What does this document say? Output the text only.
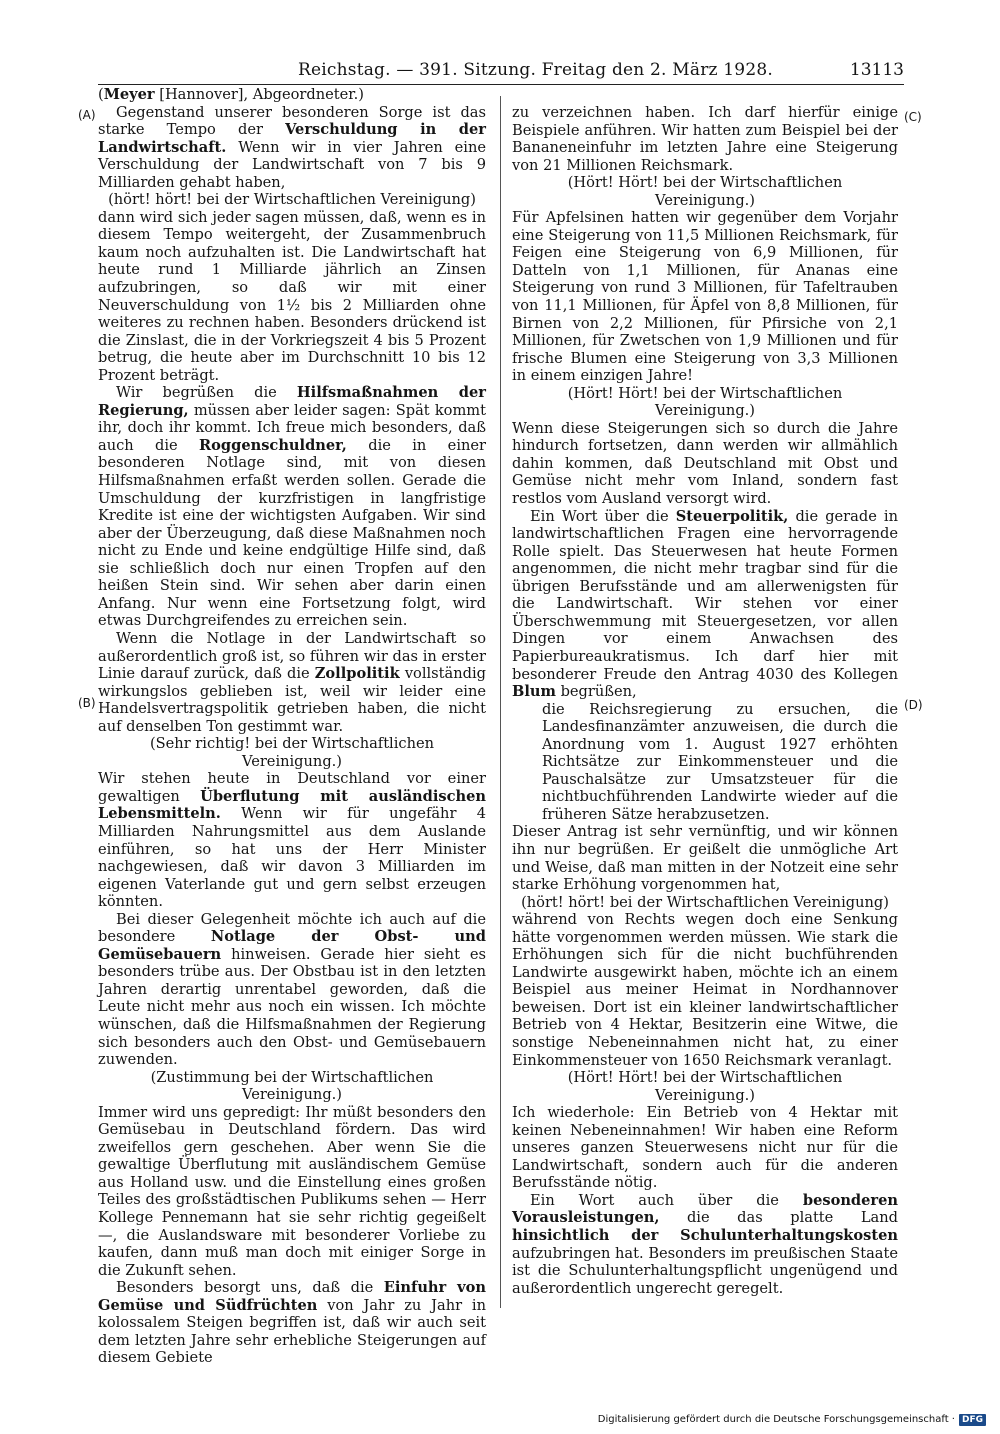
Reichstag. — 391. Sitzung. Freitag den 2. März 1928.	13113
(A)
(B)
(C)
(D)

(Meyer [Hannover], Abgeordneter.)

Gegenstand unserer besonderen Sorge ist das starke Tempo der Verschuldung in der Landwirtschaft. Wenn wir in vier Jahren eine Verschuldung der Landwirtschaft von 7 bis 9 Milliarden gehabt haben,

(hört! hört! bei der Wirtschaftlichen Vereinigung)

dann wird sich jeder sagen müssen, daß, wenn es in diesem Tempo weitergeht, der Zusammenbruch kaum noch aufzuhalten ist. Die Landwirtschaft hat heute rund 1 Milliarde jährlich an Zinsen aufzubringen, so daß wir mit einer Neuverschuldung von 1½ bis 2 Milliarden ohne weiteres zu rechnen haben. Besonders drückend ist die Zinslast, die in der Vorkriegszeit 4 bis 5 Prozent betrug, die heute aber im Durchschnitt 10 bis 12 Prozent beträgt.

Wir begrüßen die Hilfsmaßnahmen der Regierung, müssen aber leider sagen: Spät kommt ihr, doch ihr kommt. Ich freue mich besonders, daß auch die Roggenschuldner, die in einer besonderen Notlage sind, mit von diesen Hilfsmaßnahmen erfaßt werden sollen. Gerade die Umschuldung der kurzfristigen in langfristige Kredite ist eine der wichtigsten Aufgaben. Wir sind aber der Überzeugung, daß diese Maßnahmen noch nicht zu Ende und keine endgültige Hilfe sind, daß sie schließlich doch nur einen Tropfen auf den heißen Stein sind. Wir sehen aber darin einen Anfang. Nur wenn eine Fortsetzung folgt, wird etwas Durchgreifendes zu erreichen sein.

Wenn die Notlage in der Landwirtschaft so außerordentlich groß ist, so führen wir das in erster Linie darauf zurück, daß die Zollpolitik vollständig wirkungslos geblieben ist, weil wir leider eine Handelsvertragspolitik getrieben haben, die nicht auf denselben Ton gestimmt war.

(Sehr richtig! bei der Wirtschaftlichen Vereinigung.)

Wir stehen heute in Deutschland vor einer gewaltigen Überflutung mit ausländischen Lebensmitteln. Wenn wir für ungefähr 4 Milliarden Nahrungsmittel aus dem Auslande einführen, so hat uns der Herr Minister nachgewiesen, daß wir davon 3 Milliarden im eigenen Vaterlande gut und gern selbst erzeugen könnten.

Bei dieser Gelegenheit möchte ich auch auf die besondere Notlage der Obst- und Gemüsebauern hinweisen. Gerade hier sieht es besonders trübe aus. Der Obstbau ist in den letzten Jahren derartig unrentabel geworden, daß die Leute nicht mehr aus noch ein wissen. Ich möchte wünschen, daß die Hilfsmaßnahmen der Regierung sich besonders auch den Obst- und Gemüsebauern zuwenden.

(Zustimmung bei der Wirtschaftlichen Vereinigung.)

Immer wird uns gepredigt: Ihr müßt besonders den Gemüsebau in Deutschland fördern. Das wird zweifellos gern geschehen. Aber wenn Sie die gewaltige Überflutung mit ausländischem Gemüse aus Holland usw. und die Einstellung eines großen Teiles des großstädtischen Publikums sehen — Herr Kollege Pennemann hat sie sehr richtig gegeißelt —, die Auslandsware mit besonderer Vorliebe zu kaufen, dann muß man doch mit einiger Sorge in die Zukunft sehen.

Besonders besorgt uns, daß die Einfuhr von Gemüse und Südfrüchten von Jahr zu Jahr in kolossalem Steigen begriffen ist, daß wir auch seit dem letzten Jahre sehr erhebliche Steigerungen auf diesem Gebiete

zu verzeichnen haben. Ich darf hierfür einige Beispiele anführen. Wir hatten zum Beispiel bei der Bananeneinfuhr im letzten Jahre eine Steigerung von 21 Millionen Reichsmark.

(Hört! Hört! bei der Wirtschaftlichen Vereinigung.)

Für Apfelsinen hatten wir gegenüber dem Vorjahr eine Steigerung von 11,5 Millionen Reichsmark, für Feigen eine Steigerung von 6,9 Millionen, für Datteln von 1,1 Millionen, für Ananas eine Steigerung von rund 3 Millionen, für Tafeltrauben von 11,1 Millionen, für Äpfel von 8,8 Millionen, für Birnen von 2,2 Millionen, für Pfirsiche von 2,1 Millionen, für Zwetschen von 1,9 Millionen und für frische Blumen eine Steigerung von 3,3 Millionen in einem einzigen Jahre!

(Hört! Hört! bei der Wirtschaftlichen Vereinigung.)

Wenn diese Steigerungen sich so durch die Jahre hindurch fortsetzen, dann werden wir allmählich dahin kommen, daß Deutschland mit Obst und Gemüse nicht mehr vom Inland, sondern fast restlos vom Ausland versorgt wird.

Ein Wort über die Steuerpolitik, die gerade in landwirtschaftlichen Fragen eine hervorragende Rolle spielt. Das Steuerwesen hat heute Formen angenommen, die nicht mehr tragbar sind für die übrigen Berufsstände und am allerwenigsten für die Landwirtschaft. Wir stehen vor einer Überschwemmung mit Steuergesetzen, vor allen Dingen vor einem Anwachsen des Papierbureaukratismus. Ich darf hier mit besonderer Freude den Antrag 4030 des Kollegen Blum begrüßen,

die Reichsregierung zu ersuchen, die Landesfinanzämter anzuweisen, die durch die Anordnung vom 1. August 1927 erhöhten Richtsätze zur Einkommensteuer und die Pauschalsätze zur Umsatzsteuer für die nichtbuchführenden Landwirte wieder auf die früheren Sätze herabzusetzen.

Dieser Antrag ist sehr vernünftig, und wir können ihn nur begrüßen. Er geißelt die unmögliche Art und Weise, daß man mitten in der Notzeit eine sehr starke Erhöhung vorgenommen hat,

(hört! hört! bei der Wirtschaftlichen Vereinigung)

während von Rechts wegen doch eine Senkung hätte vorgenommen werden müssen. Wie stark die Erhöhungen sich für die nicht buchführenden Landwirte ausgewirkt haben, möchte ich an einem Beispiel aus meiner Heimat in Nordhannover beweisen. Dort ist ein kleiner landwirtschaftlicher Betrieb von 4 Hektar, Besitzerin eine Witwe, die sonstige Nebeneinnahmen nicht hat, zu einer Einkommensteuer von 1650 Reichsmark veranlagt.

(Hört! Hört! bei der Wirtschaftlichen Vereinigung.)

Ich wiederhole: Ein Betrieb von 4 Hektar mit keinen Nebeneinnahmen! Wir haben eine Reform unseres ganzen Steuerwesens nicht nur für die Landwirtschaft, sondern auch für die anderen Berufsstände nötig.

Ein Wort auch über die besonderen Vorausleistungen, die das platte Land hinsichtlich der Schulunterhaltungskosten aufzubringen hat. Besonders im preußischen Staate ist die Schulunterhaltungspflicht ungenügend und außerordentlich ungerecht geregelt.

Digitalisierung gefördert durch die Deutsche Forschungsgemeinschaft · DFG
